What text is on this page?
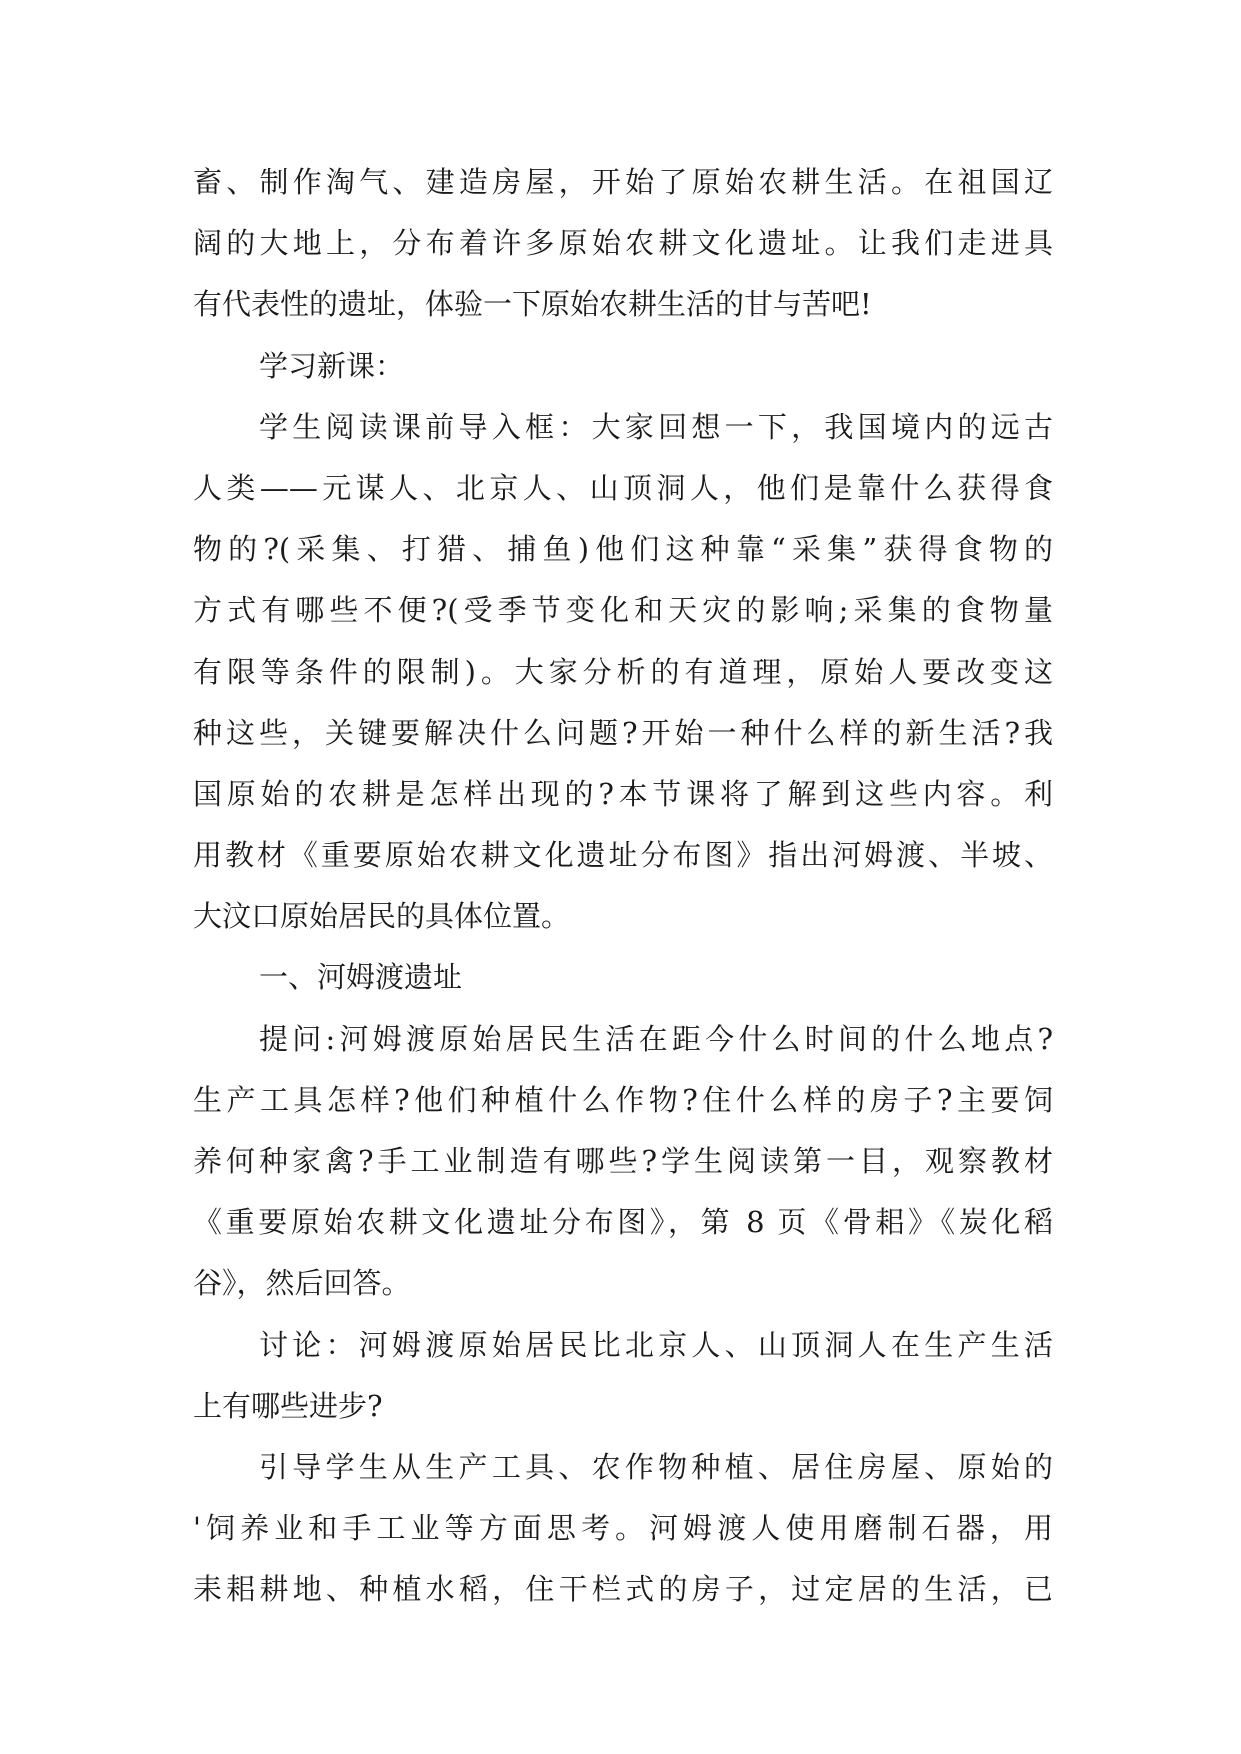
畜、制作淘气、建造房屋，开始了原始农耕生活。在祖国辽
阔的大地上，分布着许多原始农耕文化遗址。让我们走进具
有代表性的遗址，体验一下原始农耕生活的甘与苦吧!
学习新课：
学生阅读课前导入框：大家回想一下，我国境内的远古
人类——元谋人、北京人、山顶洞人，他们是靠什么获得食
物的?(采集、打猎、捕鱼)他们这种靠“采集”获得食物的
方式有哪些不便?(受季节变化和天灾的影响;采集的食物量
有限等条件的限制)。大家分析的有道理，原始人要改变这
种这些，关键要解决什么问题?开始一种什么样的新生活?我
国原始的农耕是怎样出现的?本节课将了解到这些内容。利
用教材《重要原始农耕文化遗址分布图》指出河姆渡、半坡、
大汶口原始居民的具体位置。
一、河姆渡遗址
提问:河姆渡原始居民生活在距今什么时间的什么地点?
生产工具怎样?他们种植什么作物?住什么样的房子?主要饲
养何种家禽?手工业制造有哪些?学生阅读第一目，观察教材
《重要原始农耕文化遗址分布图》，第 8 页《骨耜》《炭化稻
谷》，然后回答。
讨论：河姆渡原始居民比北京人、山顶洞人在生产生活
上有哪些进步?
引导学生从生产工具、农作物种植、居住房屋、原始的
'饲养业和手工业等方面思考。河姆渡人使用磨制石器，用
耒耜耕地、种植水稻，住干栏式的房子，过定居的生活，已
